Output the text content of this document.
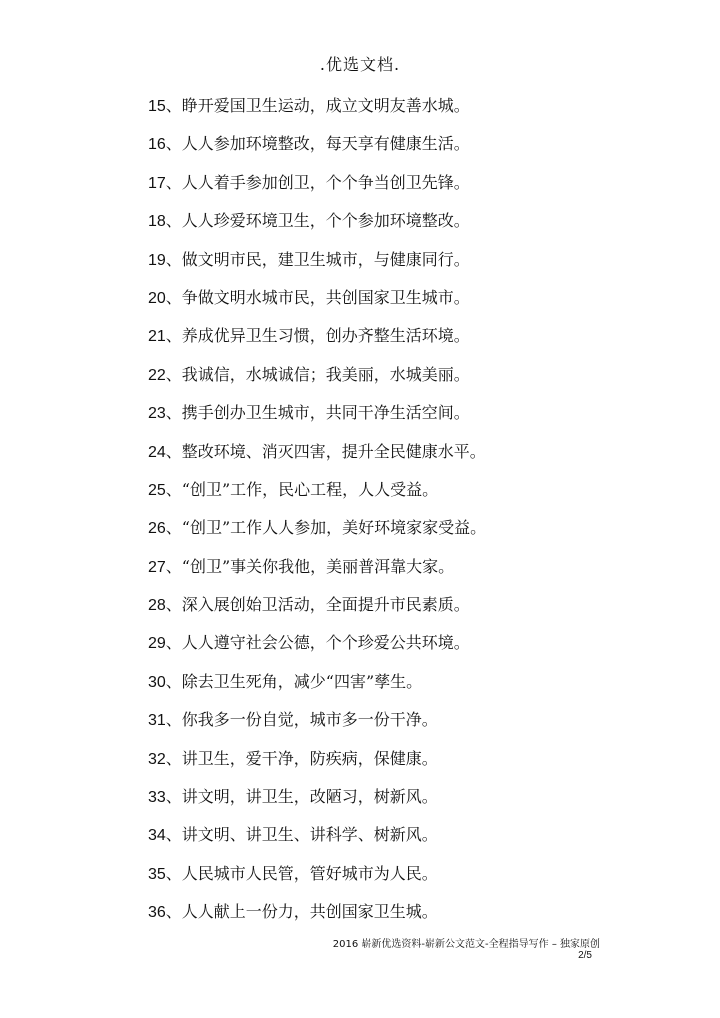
.优选文档.
15、睁开爱国卫生运动，成立文明友善水城。
16、人人参加环境整改，每天享有健康生活。
17、人人着手参加创卫，个个争当创卫先锋。
18、人人珍爱环境卫生，个个参加环境整改。
19、做文明市民，建卫生城市，与健康同行。
20、争做文明水城市民，共创国家卫生城市。
21、养成优异卫生习惯，创办齐整生活环境。
22、我诚信，水城诚信；我美丽，水城美丽。
23、携手创办卫生城市，共同干净生活空间。
24、整改环境、消灭四害，提升全民健康水平。
25、“创卫”工作，民心工程，人人受益。
26、“创卫”工作人人参加，美好环境家家受益。
27、“创卫”事关你我他，美丽普洱靠大家。
28、深入展创始卫活动，全面提升市民素质。
29、人人遵守社会公德，个个珍爱公共环境。
30、除去卫生死角，减少“四害”孳生。
31、你我多一份自觉，城市多一份干净。
32、讲卫生，爱干净，防疾病，保健康。
33、讲文明，讲卫生，改陋习，树新风。
34、讲文明、讲卫生、讲科学、树新风。
35、人民城市人民管，管好城市为人民。
36、人人献上一份力，共创国家卫生城。
2016 崭新优选资料-崭新公文范文-全程指导写作 – 独家原创
2/5
